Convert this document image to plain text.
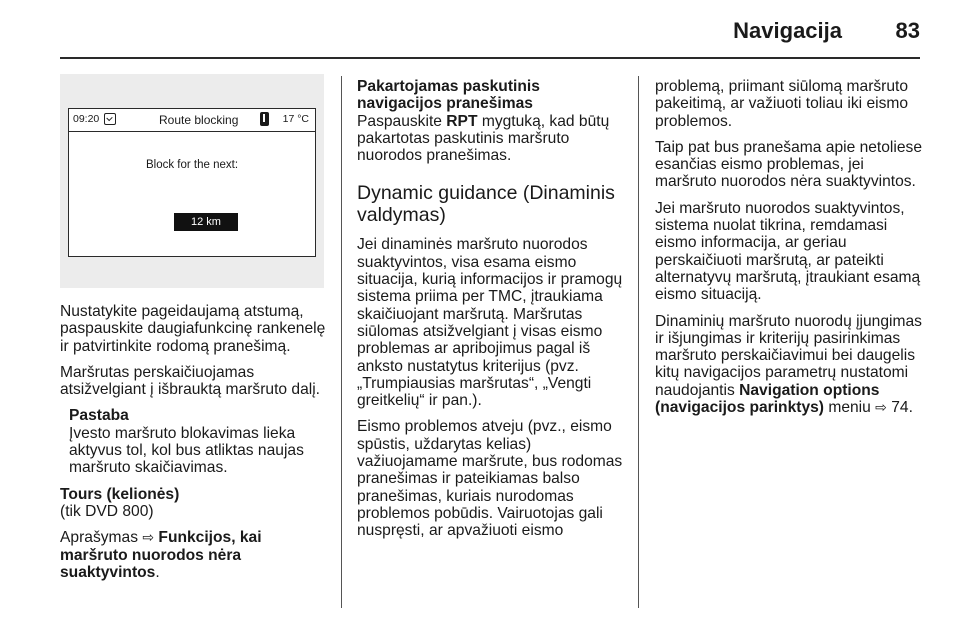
Navigacija 83
09:20	Route blocking	17 °C
Block for the next:
12 km

Nustatykite pageidaujamą atstumą, paspauskite daugiafunkcinę rankenelę ir patvirtinkite rodomą pranešimą.

Maršrutas perskaičiuojamas atsižvelgiant į išbrauktą maršruto dalį.

Pastaba

Įvesto maršruto blokavimas lieka aktyvus tol, kol bus atliktas naujas maršruto skaičiavimas.

Tours (kelionės)

(tik DVD 800)

Aprašymas ⇨ Funkcijos, kai maršruto nuorodos nėra suaktyvintos.

Pakartojamas paskutinis navigacijos pranešimas

Paspauskite RPT mygtuką, kad būtų pakartotas paskutinis maršruto nuorodos pranešimas.

Dynamic guidance (Dinaminis valdymas)

Jei dinaminės maršruto nuorodos suaktyvintos, visa esama eismo situacija, kurią informacijos ir pramogų sistema priima per TMC, įtraukiama skaičiuojant maršrutą. Maršrutas siūlomas atsižvelgiant į visas eismo problemas ar apribojimus pagal iš anksto nustatytus kriterijus (pvz. „Trumpiausias maršrutas“, „Vengti greitkelių“ ir pan.).

Eismo problemos atveju (pvz., eismo spūstis, uždarytas kelias) važiuojamame maršrute, bus rodomas pranešimas ir pateikiamas balso pranešimas, kuriais nurodomas problemos pobūdis. Vairuotojas gali nuspręsti, ar apvažiuoti eismo

problemą, priimant siūlomą maršruto pakeitimą, ar važiuoti toliau iki eismo problemos.

Taip pat bus pranešama apie netoliese esančias eismo problemas, jei maršruto nuorodos nėra suaktyvintos.

Jei maršruto nuorodos suaktyvintos, sistema nuolat tikrina, remdamasi eismo informacija, ar geriau perskaičiuoti maršrutą, ar pateikti alternatyvų maršrutą, įtraukiant esamą eismo situaciją.

Dinaminių maršruto nuorodų įjungimas ir išjungimas ir kriterijų pasirinkimas maršruto perskaičiavimui bei daugelis kitų navigacijos parametrų nustatomi naudojantis Navigation options (navigacijos parinktys) meniu ⇨ 74.
